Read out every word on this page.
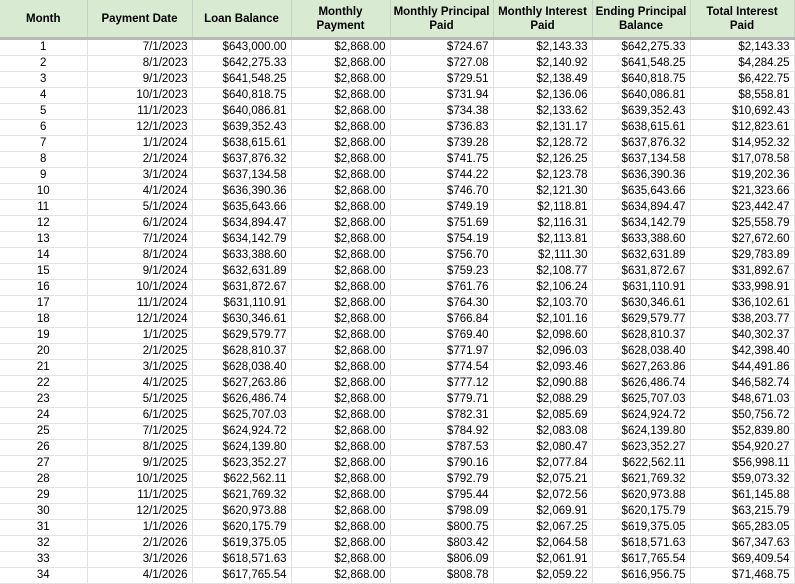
Month	Payment Date	Loan Balance	Monthly Payment	Monthly Principal Paid	Monthly Interest Paid	Ending Principal Balance	Total Interest Paid
1	7/1/2023	$643,000.00	$2,868.00	$724.67	$2,143.33	$642,275.33	$2,143.33
2	8/1/2023	$642,275.33	$2,868.00	$727.08	$2,140.92	$641,548.25	$4,284.25
3	9/1/2023	$641,548.25	$2,868.00	$729.51	$2,138.49	$640,818.75	$6,422.75
4	10/1/2023	$640,818.75	$2,868.00	$731.94	$2,136.06	$640,086.81	$8,558.81
5	11/1/2023	$640,086.81	$2,868.00	$734.38	$2,133.62	$639,352.43	$10,692.43
6	12/1/2023	$639,352.43	$2,868.00	$736.83	$2,131.17	$638,615.61	$12,823.61
7	1/1/2024	$638,615.61	$2,868.00	$739.28	$2,128.72	$637,876.32	$14,952.32
8	2/1/2024	$637,876.32	$2,868.00	$741.75	$2,126.25	$637,134.58	$17,078.58
9	3/1/2024	$637,134.58	$2,868.00	$744.22	$2,123.78	$636,390.36	$19,202.36
10	4/1/2024	$636,390.36	$2,868.00	$746.70	$2,121.30	$635,643.66	$21,323.66
11	5/1/2024	$635,643.66	$2,868.00	$749.19	$2,118.81	$634,894.47	$23,442.47
12	6/1/2024	$634,894.47	$2,868.00	$751.69	$2,116.31	$634,142.79	$25,558.79
13	7/1/2024	$634,142.79	$2,868.00	$754.19	$2,113.81	$633,388.60	$27,672.60
14	8/1/2024	$633,388.60	$2,868.00	$756.70	$2,111.30	$632,631.89	$29,783.89
15	9/1/2024	$632,631.89	$2,868.00	$759.23	$2,108.77	$631,872.67	$31,892.67
16	10/1/2024	$631,872.67	$2,868.00	$761.76	$2,106.24	$631,110.91	$33,998.91
17	11/1/2024	$631,110.91	$2,868.00	$764.30	$2,103.70	$630,346.61	$36,102.61
18	12/1/2024	$630,346.61	$2,868.00	$766.84	$2,101.16	$629,579.77	$38,203.77
19	1/1/2025	$629,579.77	$2,868.00	$769.40	$2,098.60	$628,810.37	$40,302.37
20	2/1/2025	$628,810.37	$2,868.00	$771.97	$2,096.03	$628,038.40	$42,398.40
21	3/1/2025	$628,038.40	$2,868.00	$774.54	$2,093.46	$627,263.86	$44,491.86
22	4/1/2025	$627,263.86	$2,868.00	$777.12	$2,090.88	$626,486.74	$46,582.74
23	5/1/2025	$626,486.74	$2,868.00	$779.71	$2,088.29	$625,707.03	$48,671.03
24	6/1/2025	$625,707.03	$2,868.00	$782.31	$2,085.69	$624,924.72	$50,756.72
25	7/1/2025	$624,924.72	$2,868.00	$784.92	$2,083.08	$624,139.80	$52,839.80
26	8/1/2025	$624,139.80	$2,868.00	$787.53	$2,080.47	$623,352.27	$54,920.27
27	9/1/2025	$623,352.27	$2,868.00	$790.16	$2,077.84	$622,562.11	$56,998.11
28	10/1/2025	$622,562.11	$2,868.00	$792.79	$2,075.21	$621,769.32	$59,073.32
29	11/1/2025	$621,769.32	$2,868.00	$795.44	$2,072.56	$620,973.88	$61,145.88
30	12/1/2025	$620,973.88	$2,868.00	$798.09	$2,069.91	$620,175.79	$63,215.79
31	1/1/2026	$620,175.79	$2,868.00	$800.75	$2,067.25	$619,375.05	$65,283.05
32	2/1/2026	$619,375.05	$2,868.00	$803.42	$2,064.58	$618,571.63	$67,347.63
33	3/1/2026	$618,571.63	$2,868.00	$806.09	$2,061.91	$617,765.54	$69,409.54
34	4/1/2026	$617,765.54	$2,868.00	$808.78	$2,059.22	$616,956.75	$71,468.75
